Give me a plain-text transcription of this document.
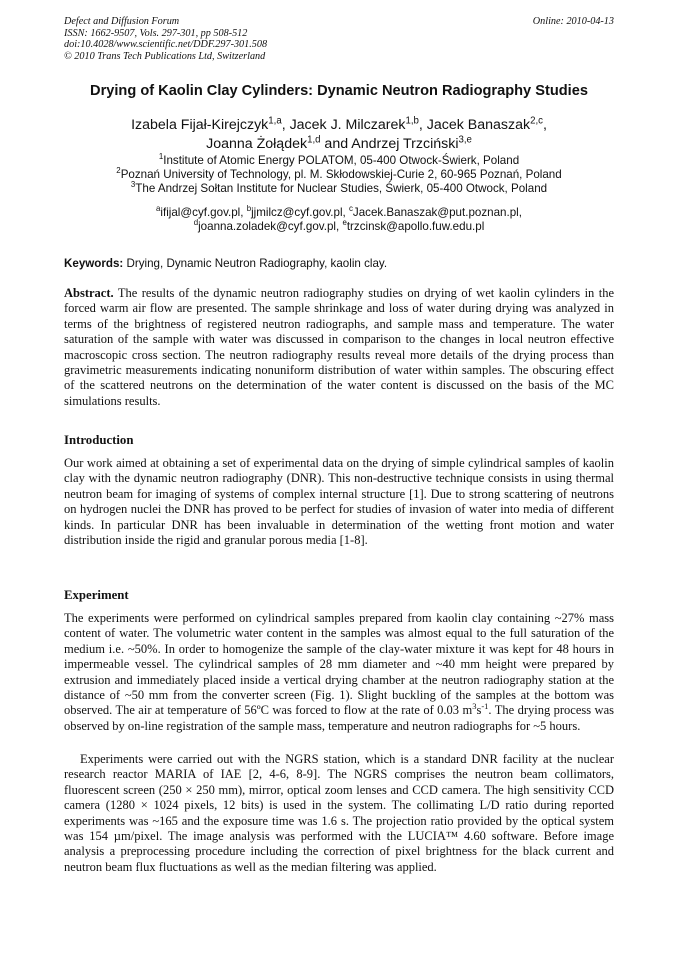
Defect and Diffusion Forum
ISSN: 1662-9507, Vols. 297-301, pp 508-512
doi:10.4028/www.scientific.net/DDF.297-301.508
© 2010 Trans Tech Publications Ltd, Switzerland
Online: 2010-04-13
Drying of Kaolin Clay Cylinders: Dynamic Neutron Radiography Studies
Izabela Fijał-Kirejczyk$^{1,a}$, Jacek J. Milczarek$^{1,b}$, Jacek Banaszak$^{2,c}$,
Joanna Żołądek$^{1,d}$ and Andrzej Trzciński$^{3,e}$
$^1$Institute of Atomic Energy POLATOM, 05-400 Otwock-Świerk, Poland
$^2$Poznań University of Technology, pl. M. Skłodowskiej-Curie 2, 60-965 Poznań, Poland
$^3$The Andrzej Sołtan Institute for Nuclear Studies, Świerk, 05-400 Otwock, Poland
$^a$ifijal@cyf.gov.pl, $^b$jjmilcz@cyf.gov.pl, $^c$Jacek.Banaszak@put.poznan.pl,
$^d$joanna.zoladek@cyf.gov.pl, $^e$trzcinsk@apollo.fuw.edu.pl
Keywords: Drying, Dynamic Neutron Radiography, kaolin clay.
Abstract. The results of the dynamic neutron radiography studies on drying of wet kaolin cylinders in the forced warm air flow are presented. The sample shrinkage and loss of water during drying was analyzed in terms of the brightness of registered neutron radiographs, and sample mass and temperature. The water saturation of the sample with water was discussed in comparison to the changes in local neutron effective macroscopic cross section. The neutron radiography results reveal more details of the drying process than gravimetric measurements indicating nonuniform distribution of water within samples. The obscuring effect of the scattered neutrons on the determination of the water content is discussed on the basis of the MC simulations results.
Introduction
Our work aimed at obtaining a set of experimental data on the drying of simple cylindrical samples of kaolin clay with the dynamic neutron radiography (DNR). This non-destructive technique consists in using thermal neutron beam for imaging of systems of complex internal structure [1]. Due to strong scattering of neutrons on hydrogen nuclei the DNR has proved to be perfect for studies of invasion of water into media of different kinds. In particular DNR has been invaluable in determination of the wetting front motion and water distribution inside the rigid and granular porous media [1-8].
Experiment
The experiments were performed on cylindrical samples prepared from kaolin clay containing ~27% mass content of water. The volumetric water content in the samples was almost equal to the full saturation of the medium i.e. ~50%. In order to homogenize the sample of the clay-water mixture it was kept for 48 hours in impermeable vessel. The cylindrical samples of 28 mm diameter and ~40 mm height were prepared by extrusion and immediately placed inside a vertical drying chamber at the neutron radiography station at the distance of ~50 mm from the converter screen (Fig. 1). Slight buckling of the samples at the bottom was observed. The air at temperature of 56ºC was forced to flow at the rate of 0.03 $m^3s^{-1}$. The drying process was observed by on-line registration of the sample mass, temperature and neutron radiographs for ~5 hours.
Experiments were carried out with the NGRS station, which is a standard DNR facility at the nuclear research reactor MARIA of IAE [2, 4-6, 8-9]. The NGRS comprises the neutron beam collimators, fluorescent screen (250 × 250 mm), mirror, optical zoom lenses and CCD camera. The high sensitivity CCD camera (1280 × 1024 pixels, 12 bits) is used in the system. The collimating L/D ratio during reported experiments was ~165 and the exposure time was 1.6 s. The projection ratio provided by the optical system was 154 µm/pixel. The image analysis was performed with the LUCIA™ 4.60 software. Before image analysis a preprocessing procedure including the correction of pixel brightness for the black current and neutron beam flux fluctuations as well as the median filtering was applied.
